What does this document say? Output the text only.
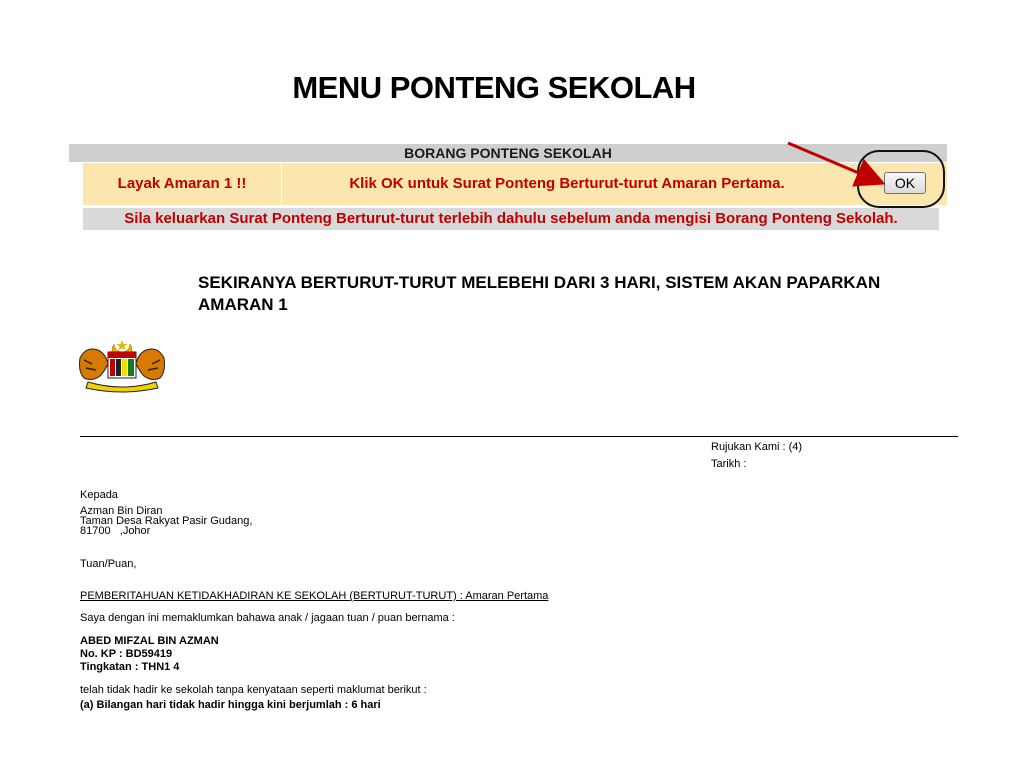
MENU PONTENG SEKOLAH
BORANG PONTENG SEKOLAH
Layak Amaran 1 !!	Klik OK untuk Surat Ponteng Berturut-turut Amaran Pertama.	OK
Sila keluarkan Surat Ponteng Berturut-turut terlebih dahulu sebelum anda mengisi Borang Ponteng Sekolah.
SEKIRANYA BERTURUT-TURUT MELEBEHI DARI 3 HARI, SISTEM AKAN PAPARKAN AMARAN 1
Rujukan Kami : (4)
Tarikh :
Kepada
Azman Bin Diran
Taman Desa Rakyat Pasir Gudang,
81700   ,Johor
Tuan/Puan,
PEMBERITAHUAN KETIDAKHADIRAN KE SEKOLAH (BERTURUT-TURUT) : Amaran Pertama
Saya dengan ini memaklumkan bahawa anak / jagaan tuan / puan bernama :
ABED MIFZAL BIN AZMAN
No. KP : BD59419
Tingkatan : THN1 4
telah tidak hadir ke sekolah tanpa kenyataan seperti maklumat berikut :
(a) Bilangan hari tidak hadir hingga kini berjumlah : 6 hari
